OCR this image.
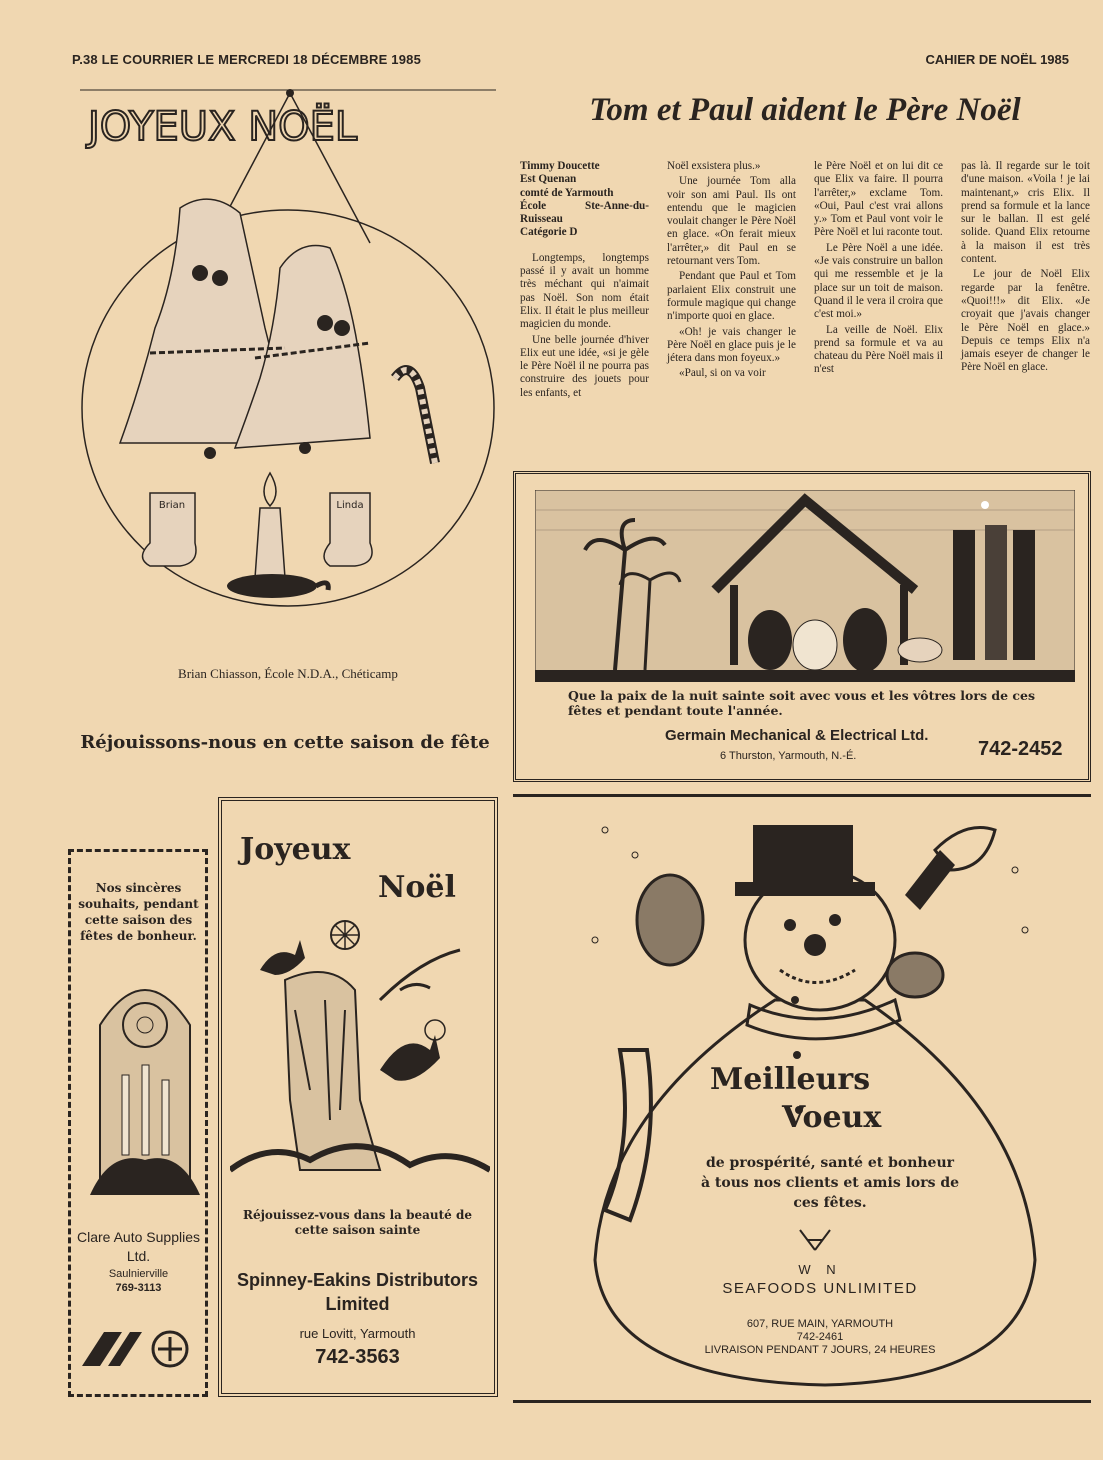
P.38 LE COURRIER LE MERCREDI 18 DÉCEMBRE 1985	CAHIER DE NOËL 1985
JOYEUX NOËL
Brian	Linda
Brian Chiasson, École N.D.A., Chéticamp
Réjouissons-nous en cette saison de fête
Tom et Paul aident le Père Noël

Timmy Doucette
Est Quenan
comté de Yarmouth
École Ste-Anne-du-Ruisseau
Catégorie D

Longtemps, longtemps passé il y avait un homme très méchant qui n'aimait pas Noël. Son nom était Elix. Il était le plus meilleur magicien du monde.

Une belle journée d'hiver Elix eut une idée, «si je gèle le Père Noël il ne pourra pas construire des jouets pour les enfants, et

Noël exsistera plus.»

Une journée Tom alla voir son ami Paul. Ils ont entendu que le magicien voulait changer le Père Noël en glace. «On ferait mieux l'arrêter,» dit Paul en se retournant vers Tom.

Pendant que Paul et Tom parlaient Elix construit une formule magique qui change n'importe quoi en glace.

«Oh! je vais changer le Père Noël en glace puis je le jétera dans mon foyeux.»

«Paul, si on va voir

le Père Noël et on lui dit ce que Elix va faire. Il pourra l'arrêter,» exclame Tom. «Oui, Paul c'est vrai allons y.» Tom et Paul vont voir le Père Noël et lui raconte tout.

Le Père Noël a une idée. «Je vais construire un ballon qui me ressemble et je la place sur un toit de maison. Quand il le vera il croira que c'est moi.»

La veille de Noël. Elix prend sa formule et va au chateau du Père Noël mais il n'est

pas là. Il regarde sur le toit d'une maison. «Voila ! je lai maintenant,» cris Elix. Il prend sa formule et la lance sur le ballan. Il est gelé solide. Quand Elix retourne à la maison il est très content.

Le jour de Noël Elix regarde par la fenêtre. «Quoi!!!» dit Elix. «Je croyait que j'avais changer le Père Noël en glace.» Depuis ce temps Elix n'a jamais eseyer de changer le Père Noël en glace.

Que la paix de la nuit sainte soit avec vous et les vôtres lors de ces fêtes et pendant toute l'année.
Germain Mechanical & Electrical Ltd.
6 Thurston, Yarmouth, N.-É.	742-2452
Nos sincères souhaits, pendant cette saison des fêtes de bonheur.
Clare Auto Supplies Ltd.
Saulnierville
769-3113
Joyeux
Noël
Réjouissez-vous dans la beauté de cette saison sainte
Spinney-Eakins Distributors Limited
rue Lovitt, Yarmouth
742-3563
Meilleurs
Voeux
de prospérité, santé et bonheur à tous nos clients et amis lors de ces fêtes.
W N
SEAFOODS UNLIMITED
607, RUE MAIN, YARMOUTH
742-2461
LIVRAISON PENDANT 7 JOURS, 24 HEURES
